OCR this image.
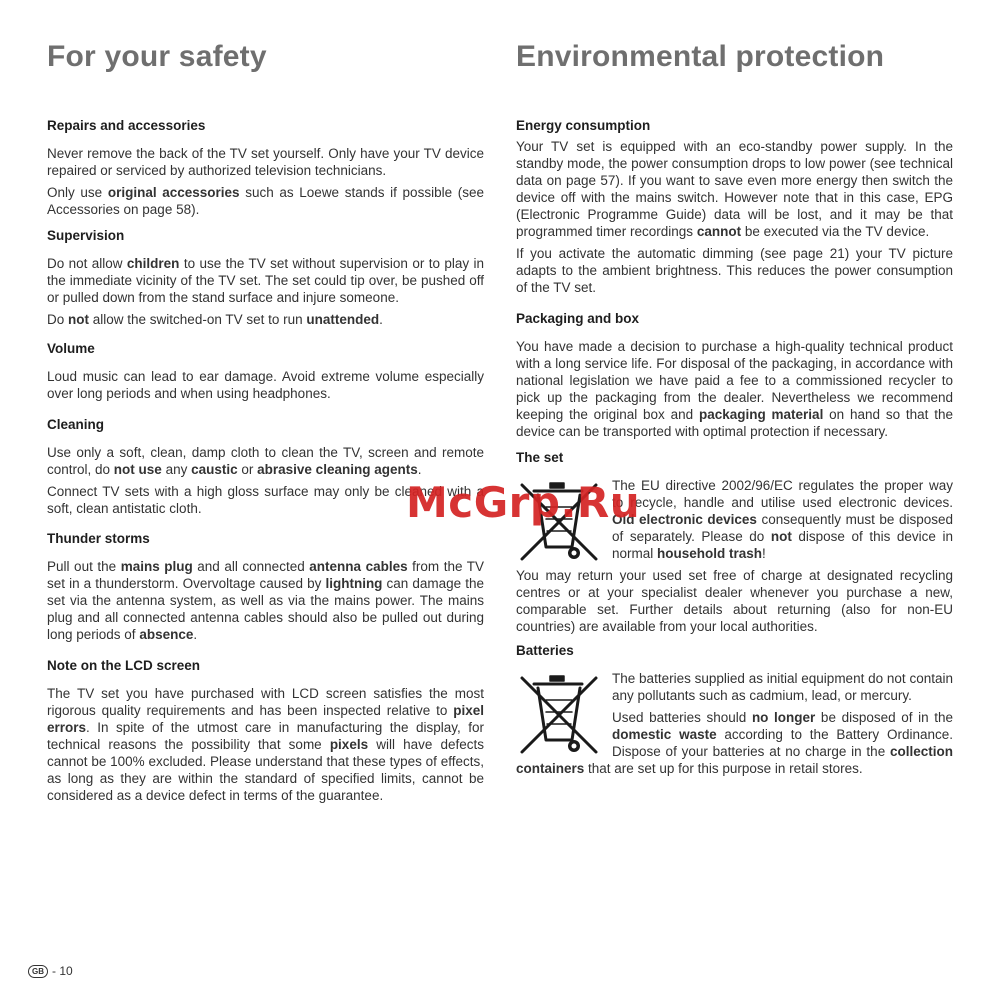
For your safety
Repairs and accessories

Never remove the back of the TV set yourself. Only have your TV device repaired or serviced by authorized television technicians.

Only use original accessories such as Loewe stands if possible (see Accessories on page 58).

Supervision

Do not allow children to use the TV set without supervision or to play in the immediate vicinity of the TV set. The set could tip over, be pushed off or pulled down from the stand surface and injure someone.

Do not allow the switched-on TV set to run unattended.

Volume

Loud music can lead to ear damage. Avoid extreme volume especially over long periods and when using headphones.

Cleaning

Use only a soft, clean, damp cloth to clean the TV, screen and remote control, do not use any caustic or abrasive cleaning agents.

Connect TV sets with a high gloss surface may only be cleaned with a soft, clean antistatic cloth.

Thunder storms

Pull out the mains plug and all connected antenna cables from the TV set in a thunderstorm. Overvoltage caused by lightning can damage the set via the antenna system, as well as via the mains power. The mains plug and all connected antenna cables should also be pulled out during long periods of absence.

Note on the LCD screen

The TV set you have purchased with LCD screen satisfies the most rigorous quality requirements and has been inspected relative to pixel errors. In spite of the utmost care in manufacturing the display, for technical reasons the possibility that some pixels will have defects cannot be 100% excluded. Please understand that these types of effects, as long as they are within the standard of specified limits, cannot be considered as a device defect in terms of the guarantee.

Environmental protection
Energy consumption

Your TV set is equipped with an eco-standby power supply. In the standby mode, the power consumption drops to low power (see technical data on page 57). If you want to save even more energy then switch the device off with the mains switch. However note that in this case, EPG (Electronic Programme Guide) data will be lost, and it may be that programmed timer recordings cannot be executed via the TV device.

If you activate the automatic dimming (see page 21) your TV picture adapts to the ambient brightness. This reduces the power consumption of the TV set.

Packaging and box

You have made a decision to purchase a high-quality technical product with a long service life. For disposal of the packaging, in accordance with national legislation we have paid a fee to a commissioned recycler to pick up the packaging from the dealer. Nevertheless we recommend keeping the original box and packaging material on hand so that the device can be transported with optimal protection if necessary.

The set

The EU directive 2002/96/EC regulates the proper way to recycle, handle and utilise used electronic devices. Old electronic devices consequently must be disposed of separately. Please do not dispose of this device in normal household trash!

You may return your used set free of charge at designated recycling centres or at your specialist dealer whenever you purchase a new, comparable set. Further details about returning (also for non-EU countries) are available from your local authorities.

Batteries

The batteries supplied as initial equipment do not contain any pollutants such as cadmium, lead, or mercury.

Used batteries should no longer be disposed of in the domestic waste according to the Battery Ordinance. Dispose of your batteries at no charge in the collection containers that are set up for this purpose in retail stores.

McGrp.Ru
GB - 10
